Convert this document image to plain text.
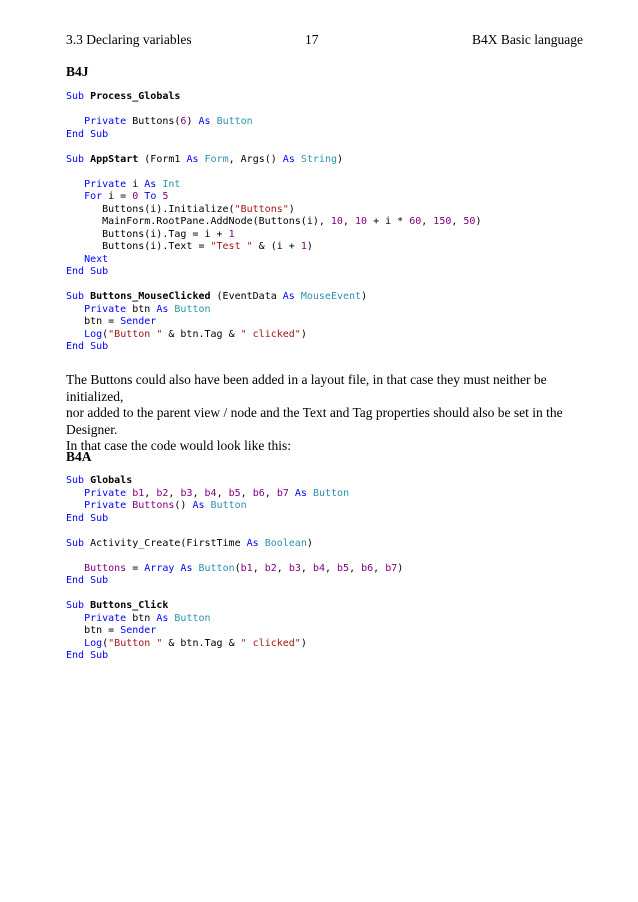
3.3 Declaring variables	17	B4X Basic language
B4J
Sub Process_Globals

Private Buttons(6) As Button
End Sub

Sub AppStart (Form1 As Form, Args() As String)

Private i As Int
For i = 0 To 5
Buttons(i).Initialize("Buttons")
MainForm.RootPane.AddNode(Buttons(i), 10, 10 + i * 60, 150, 50)
Buttons(i).Tag = i + 1
Buttons(i).Text = "Test " & (i + 1)
Next
End Sub

Sub Buttons_MouseClicked (EventData As MouseEvent)
Private btn As Button
btn = Sender
Log("Button " & btn.Tag & " clicked")
End Sub

The Buttons could also have been added in a layout file, in that case they must neither be initialized,

nor added to the parent view / node and the Text and Tag properties should also be set in the

Designer.

In that case the code would look like this:

B4A
Sub Globals
Private b1, b2, b3, b4, b5, b6, b7 As Button
Private Buttons() As Button
End Sub

Sub Activity_Create(FirstTime As Boolean)

Buttons = Array As Button(b1, b2, b3, b4, b5, b6, b7)
End Sub

Sub Buttons_Click
Private btn As Button
btn = Sender
Log("Button " & btn.Tag & " clicked")
End Sub
